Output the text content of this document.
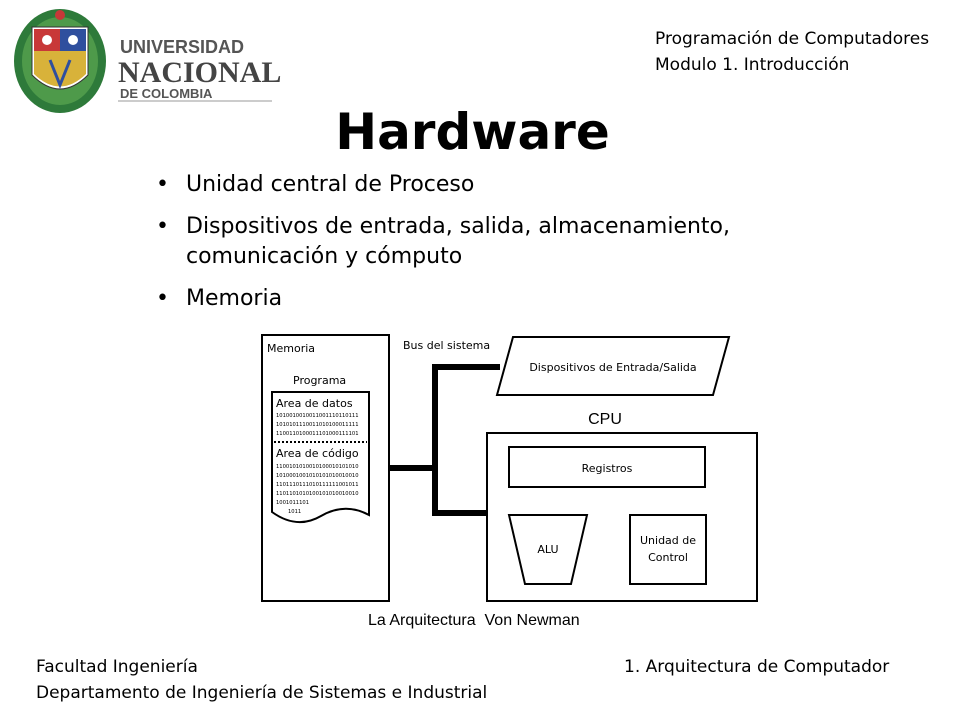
UNIVERSIDAD
NACIONAL
DE COLOMBIA
Programación de Computadores
Modulo 1. Introducción
Hardware
• Unidad central de Proceso
• Dispositivos de entrada, salida, almacenamiento, comunicación y cómputo
• Memoria
Memoria
Programa
Area de datos
1010010010011001110110111
1010101110011010100011111
1100110100011101000111101
Area de código
1100101010010100010101010
1010001001010101010010010
1101110111010111111001011
1101101010100101010010010
1001011101
1011
Bus del sistema
Dispositivos de Entrada/Salida
CPU
Registros
ALU
Unidad de
Control
La Arquitectura  Von Newman
Facultad Ingeniería
Departamento de Ingeniería de Sistemas e Industrial
1. Arquitectura de Computador
